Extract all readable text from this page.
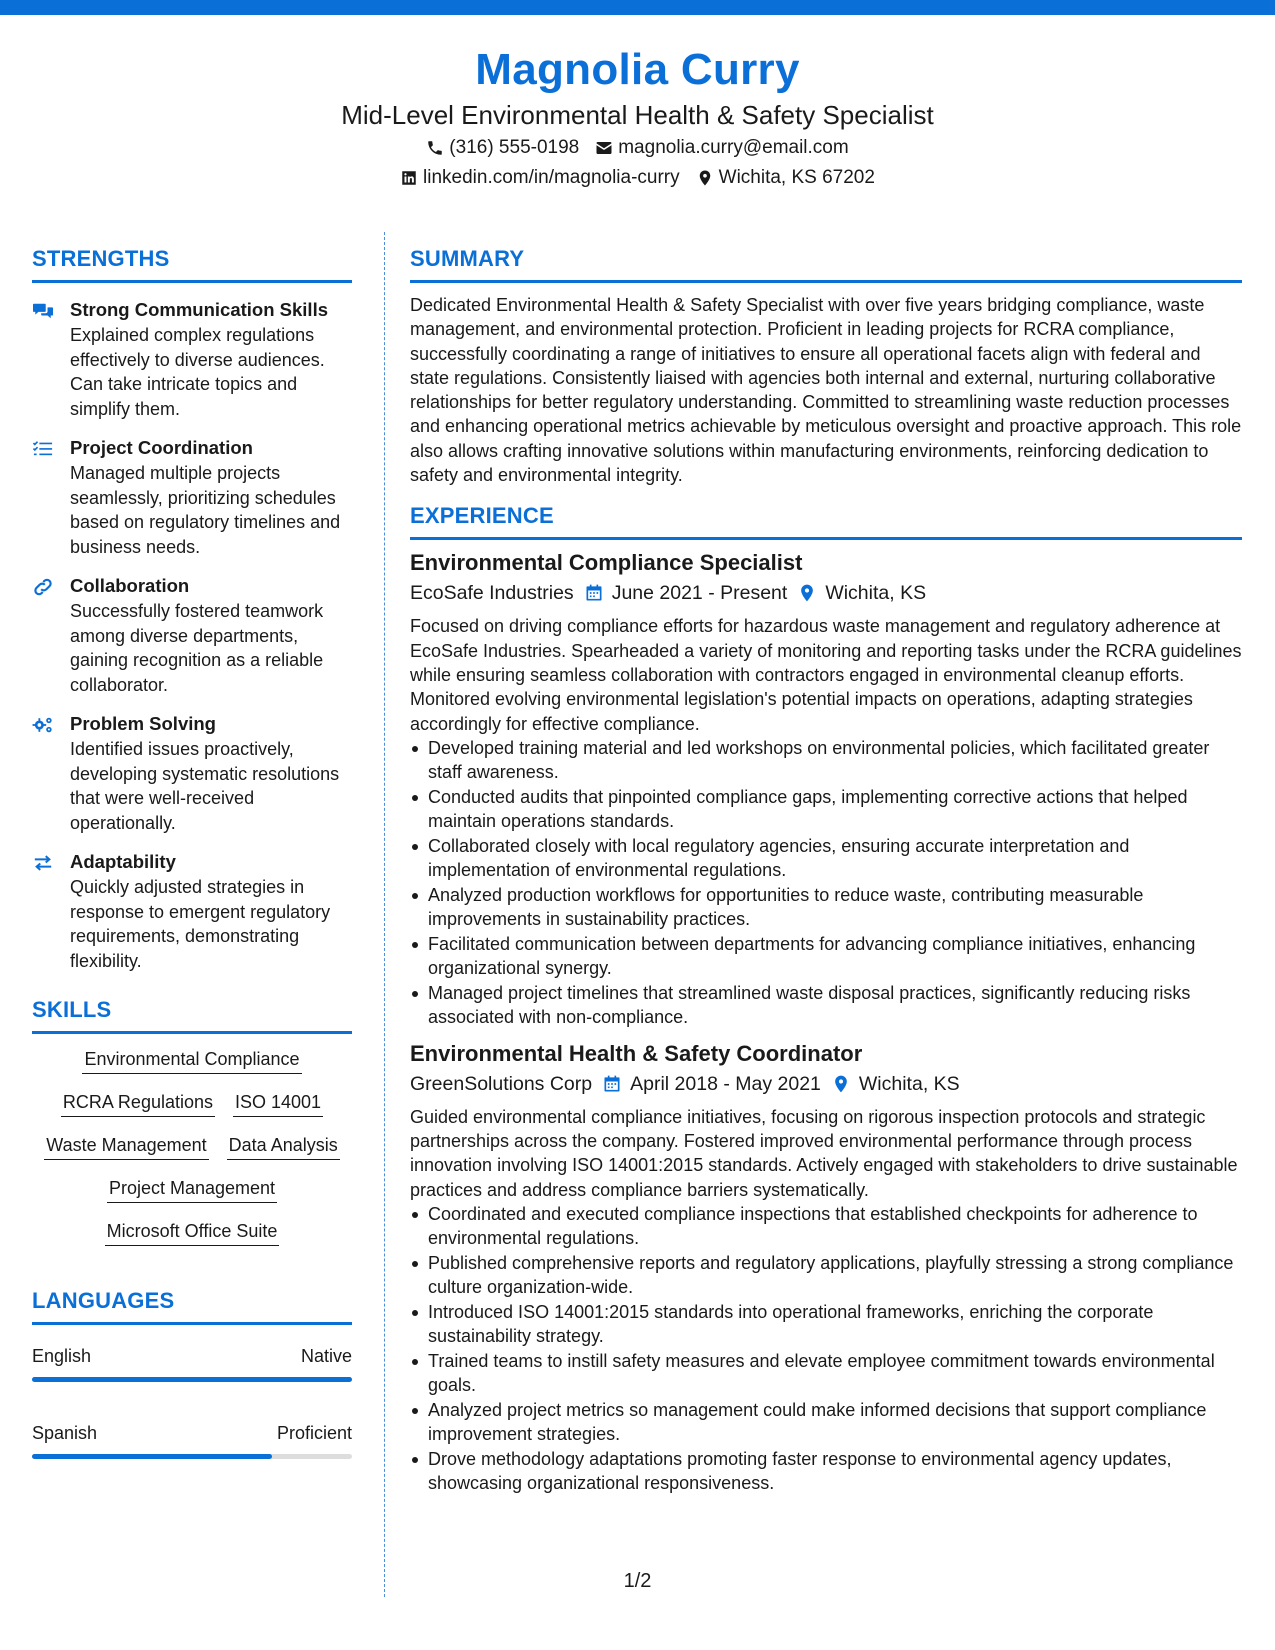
Magnolia Curry
Mid-Level Environmental Health & Safety Specialist
(316) 555-0198 magnolia.curry@email.com
linkedin.com/in/magnolia-curry Wichita, KS 67202
STRENGTHS
Strong Communication Skills
Explained complex regulations effectively to diverse audiences. Can take intricate topics and simplify them.
Project Coordination
Managed multiple projects seamlessly, prioritizing schedules based on regulatory timelines and business needs.
Collaboration
Successfully fostered teamwork among diverse departments, gaining recognition as a reliable collaborator.
Problem Solving
Identified issues proactively, developing systematic resolutions that were well-received operationally.
Adaptability
Quickly adjusted strategies in response to emergent regulatory requirements, demonstrating flexibility.
SKILLS
Environmental Compliance
RCRA Regulations ISO 14001
Waste Management Data Analysis
Project Management
Microsoft Office Suite
LANGUAGES
English	Native
Spanish	Proficient
SUMMARY
Dedicated Environmental Health & Safety Specialist with over five years bridging compliance, waste management, and environmental protection. Proficient in leading projects for RCRA compliance, successfully coordinating a range of initiatives to ensure all operational facets align with federal and state regulations. Consistently liaised with agencies both internal and external, nurturing collaborative relationships for better regulatory understanding. Committed to streamlining waste reduction processes and enhancing operational metrics achievable by meticulous oversight and proactive approach. This role also allows crafting innovative solutions within manufacturing environments, reinforcing dedication to safety and environmental integrity.
EXPERIENCE
Environmental Compliance Specialist
EcoSafe Industries June 2021 - Present Wichita, KS
Focused on driving compliance efforts for hazardous waste management and regulatory adherence at EcoSafe Industries. Spearheaded a variety of monitoring and reporting tasks under the RCRA guidelines while ensuring seamless collaboration with contractors engaged in environmental cleanup efforts. Monitored evolving environmental legislation's potential impacts on operations, adapting strategies accordingly for effective compliance.
Developed training material and led workshops on environmental policies, which facilitated greater staff awareness.
Conducted audits that pinpointed compliance gaps, implementing corrective actions that helped maintain operations standards.
Collaborated closely with local regulatory agencies, ensuring accurate interpretation and implementation of environmental regulations.
Analyzed production workflows for opportunities to reduce waste, contributing measurable improvements in sustainability practices.
Facilitated communication between departments for advancing compliance initiatives, enhancing organizational synergy.
Managed project timelines that streamlined waste disposal practices, significantly reducing risks associated with non-compliance.
Environmental Health & Safety Coordinator
GreenSolutions Corp April 2018 - May 2021 Wichita, KS
Guided environmental compliance initiatives, focusing on rigorous inspection protocols and strategic partnerships across the company. Fostered improved environmental performance through process innovation involving ISO 14001:2015 standards. Actively engaged with stakeholders to drive sustainable practices and address compliance barriers systematically.
Coordinated and executed compliance inspections that established checkpoints for adherence to environmental regulations.
Published comprehensive reports and regulatory applications, playfully stressing a strong compliance culture organization-wide.
Introduced ISO 14001:2015 standards into operational frameworks, enriching the corporate sustainability strategy.
Trained teams to instill safety measures and elevate employee commitment towards environmental goals.
Analyzed project metrics so management could make informed decisions that support compliance improvement strategies.
Drove methodology adaptations promoting faster response to environmental agency updates, showcasing organizational responsiveness.
1/2
